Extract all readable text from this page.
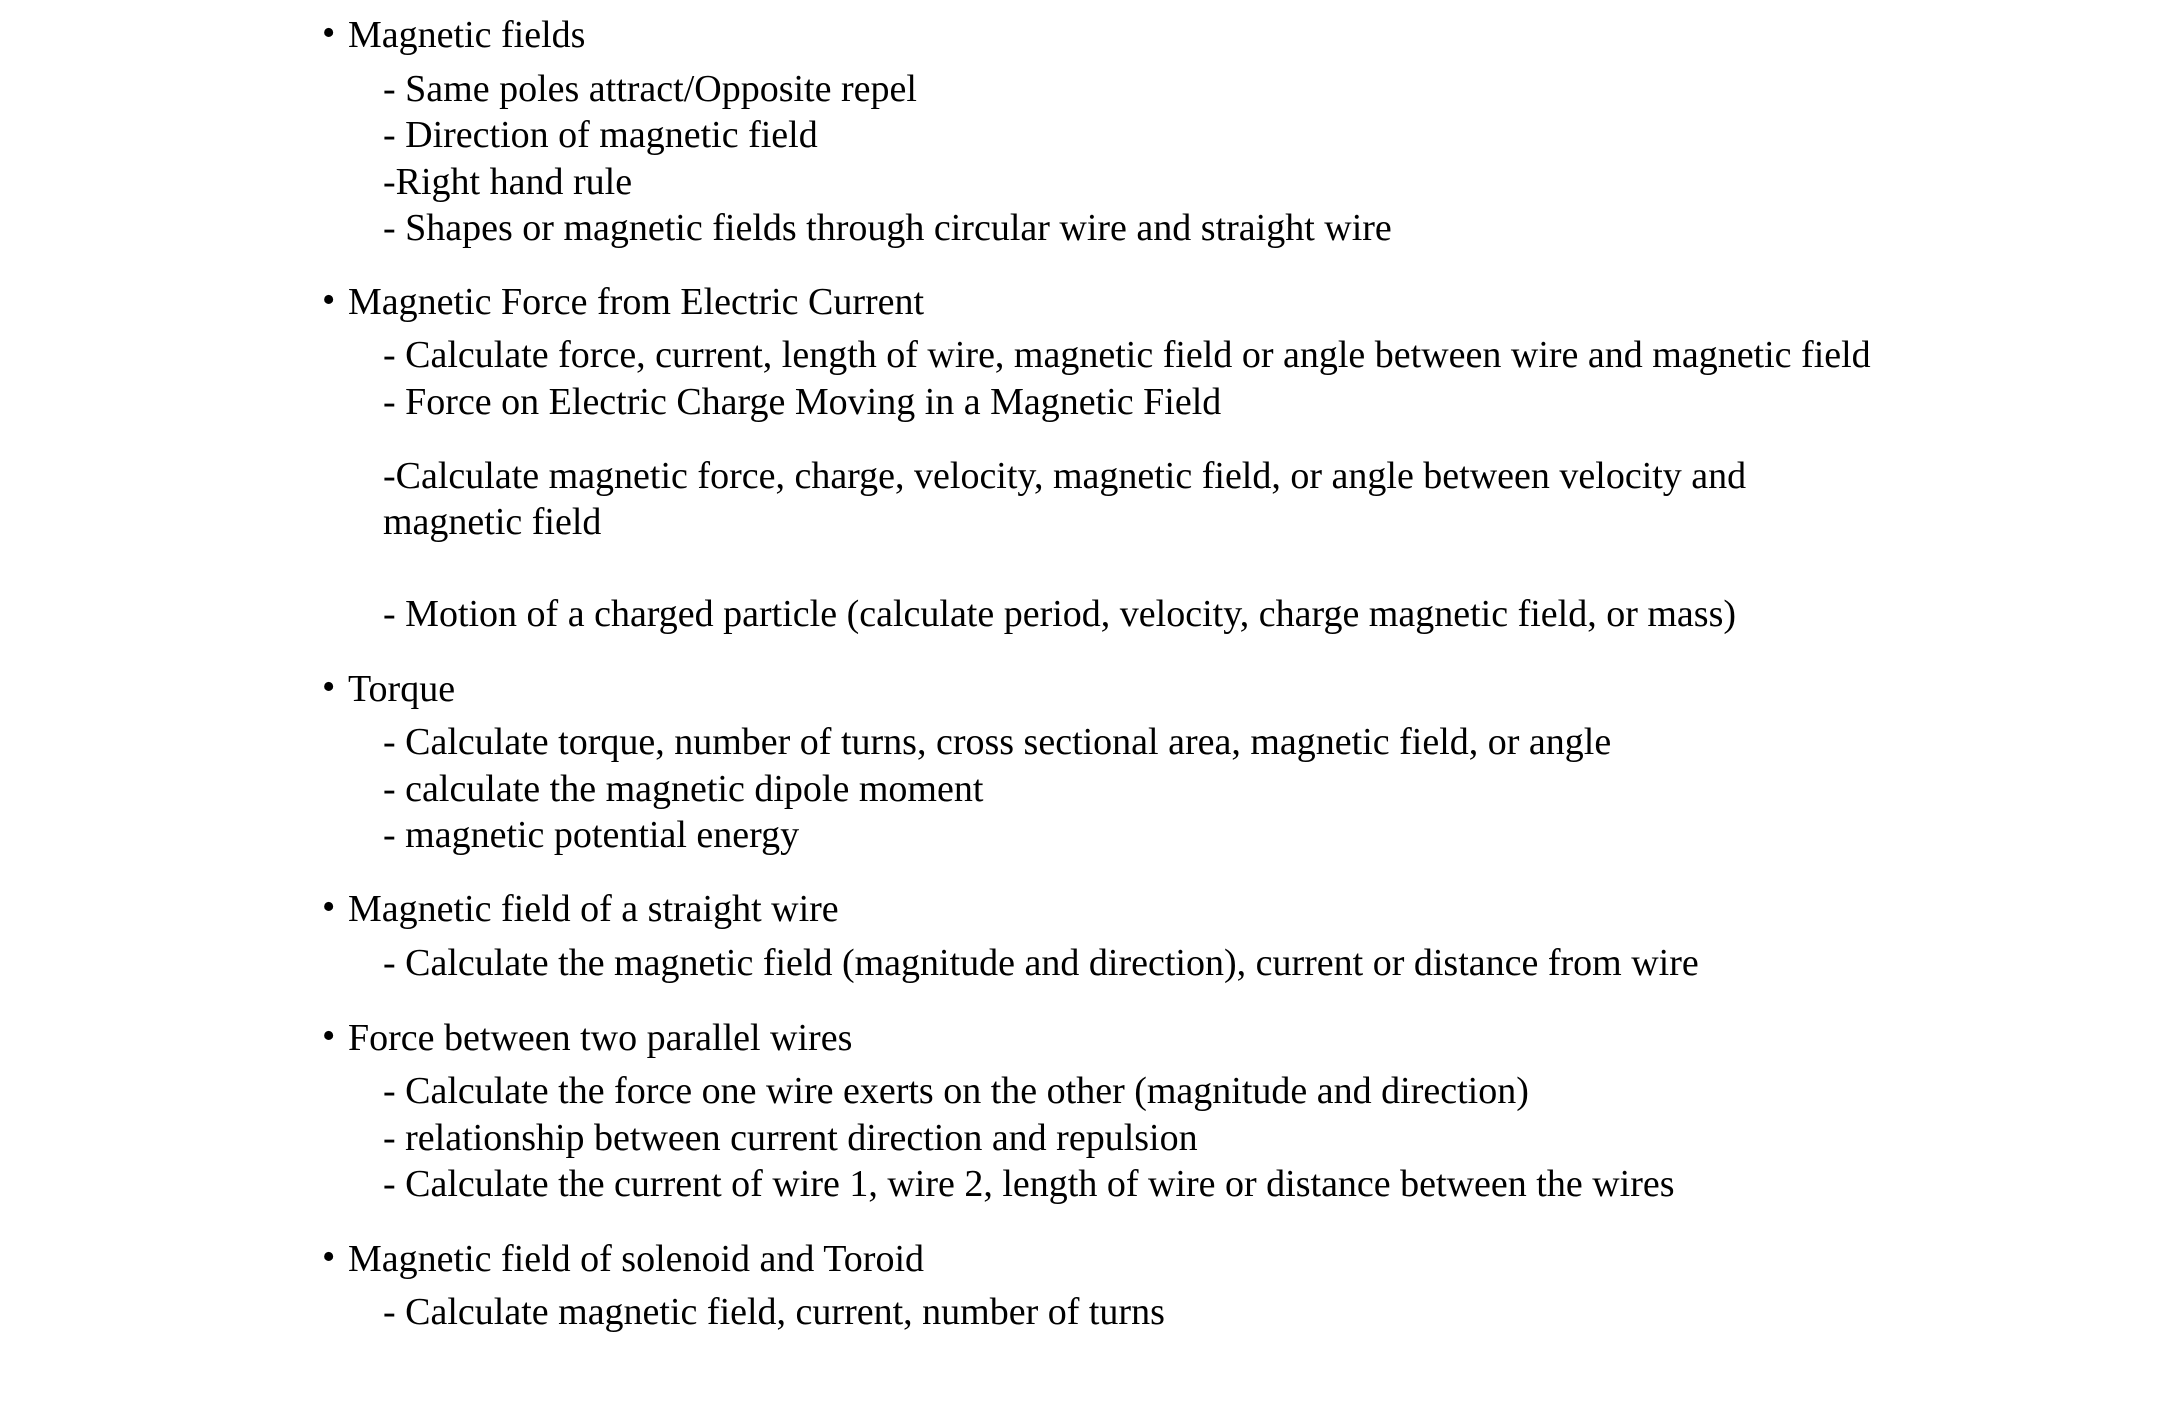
• Magnetic fields
- Same poles attract/Opposite repel
- Direction of magnetic field
-Right hand rule
- Shapes or magnetic fields through circular wire and straight wire
• Magnetic Force from Electric Current
- Calculate force, current, length of wire, magnetic field or angle between wire and magnetic field
- Force on Electric Charge Moving in a Magnetic Field
-Calculate magnetic force, charge, velocity, magnetic field, or angle between velocity and
magnetic field
- Motion of a charged particle (calculate period, velocity, charge magnetic field, or mass)
• Torque
- Calculate torque, number of turns, cross sectional area, magnetic field, or angle
- calculate the magnetic dipole moment
- magnetic potential energy
• Magnetic field of a straight wire
- Calculate the magnetic field (magnitude and direction), current or distance from wire
• Force between two parallel wires
- Calculate the force one wire exerts on the other (magnitude and direction)
- relationship between current direction and repulsion
- Calculate the current of wire 1, wire 2, length of wire or distance between the wires
• Magnetic field of solenoid and Toroid
- Calculate magnetic field, current, number of turns
